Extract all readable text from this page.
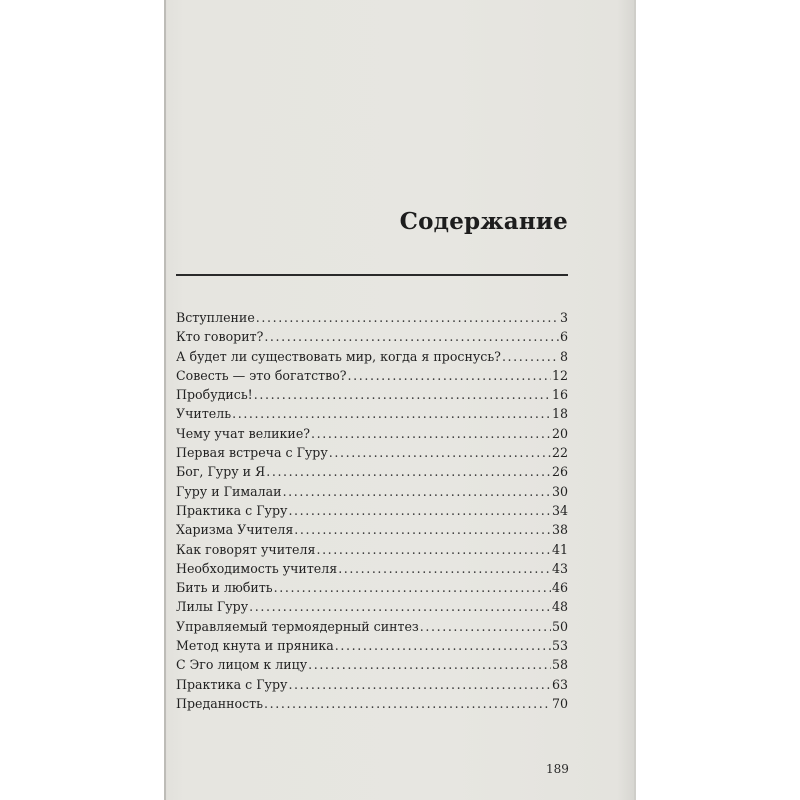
Содержание
Вступление . . .	3
Кто говорит? . . .	6
А будет ли существовать мир, когда я проснусь? . . .	8
Совесть — это богатство? . . .	12
Пробудись! . . .	16
Учитель . . .	18
Чему учат великие? . . .	20
Первая встреча с Гуру . . .	22
Бог, Гуру и Я . . .	26
Гуру и Гималаи . . .	30
Практика с Гуру . . .	34
Харизма Учителя . . .	38
Как говорят учителя . . .	41
Необходимость учителя . . .	43
Бить и любить . . .	46
Лилы Гуру . . .	48
Управляемый термоядерный синтез . . .	50
Метод кнута и пряника . . .	53
С Эго лицом к лицу . . .	58
Практика с Гуру . . .	63
Преданность . . .	70
189
